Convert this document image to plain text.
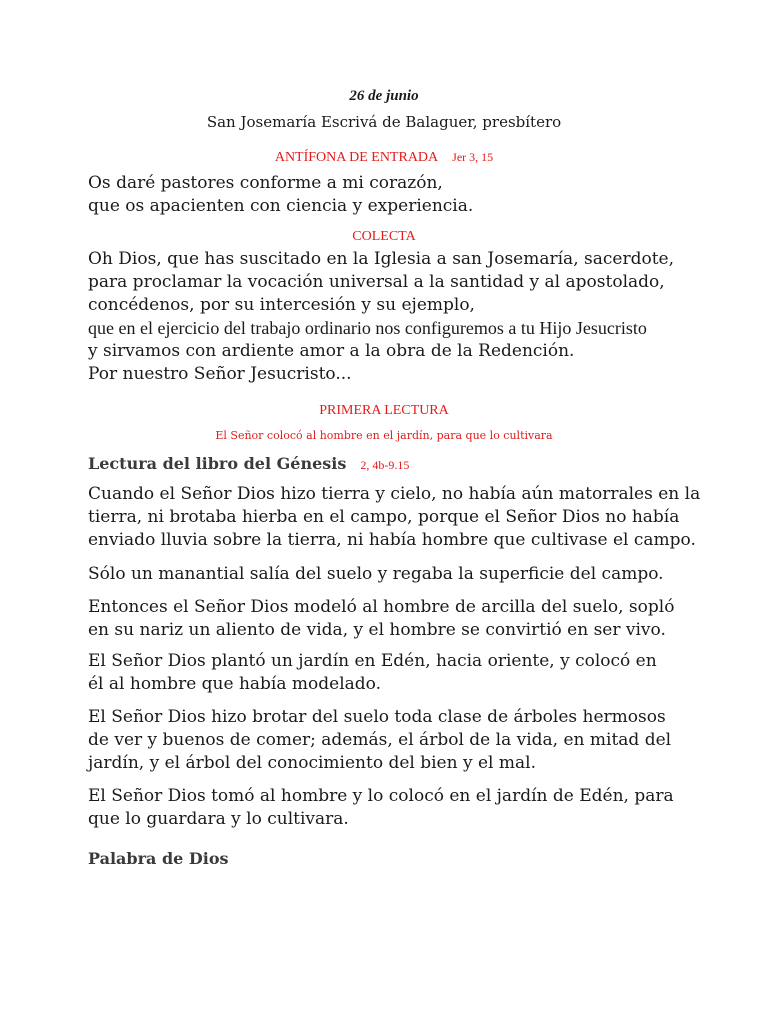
26 de junio
San Josemaría Escrivá de Balaguer, presbítero
ANTÍFONA DE ENTRADA Jer 3, 15
Os daré pastores conforme a mi corazón,
que os apacienten con ciencia y experiencia.
COLECTA
Oh Dios, que has suscitado en la Iglesia a san Josemaría, sacerdote,
para proclamar la vocación universal a la santidad y al apostolado,
concédenos, por su intercesión y su ejemplo,
que en el ejercicio del trabajo ordinario nos configuremos a tu Hijo Jesucristo
y sirvamos con ardiente amor a la obra de la Redención.
Por nuestro Señor Jesucristo...
PRIMERA LECTURA
El Señor colocó al hombre en el jardín, para que lo cultivara
Lectura del libro del Génesis 2, 4b-9.15
Cuando el Señor Dios hizo tierra y cielo, no había aún matorrales en la
tierra, ni brotaba hierba en el campo, porque el Señor Dios no había
enviado lluvia sobre la tierra, ni había hombre que cultivase el campo.
Sólo un manantial salía del suelo y regaba la superficie del campo.
Entonces el Señor Dios modeló al hombre de arcilla del suelo, sopló
en su nariz un aliento de vida, y el hombre se convirtió en ser vivo.
El Señor Dios plantó un jardín en Edén, hacia oriente, y colocó en
él al hombre que había modelado.
El Señor Dios hizo brotar del suelo toda clase de árboles hermosos
de ver y buenos de comer; además, el árbol de la vida, en mitad del
jardín, y el árbol del conocimiento del bien y el mal.
El Señor Dios tomó al hombre y lo colocó en el jardín de Edén, para
que lo guardara y lo cultivara.
Palabra de Dios
